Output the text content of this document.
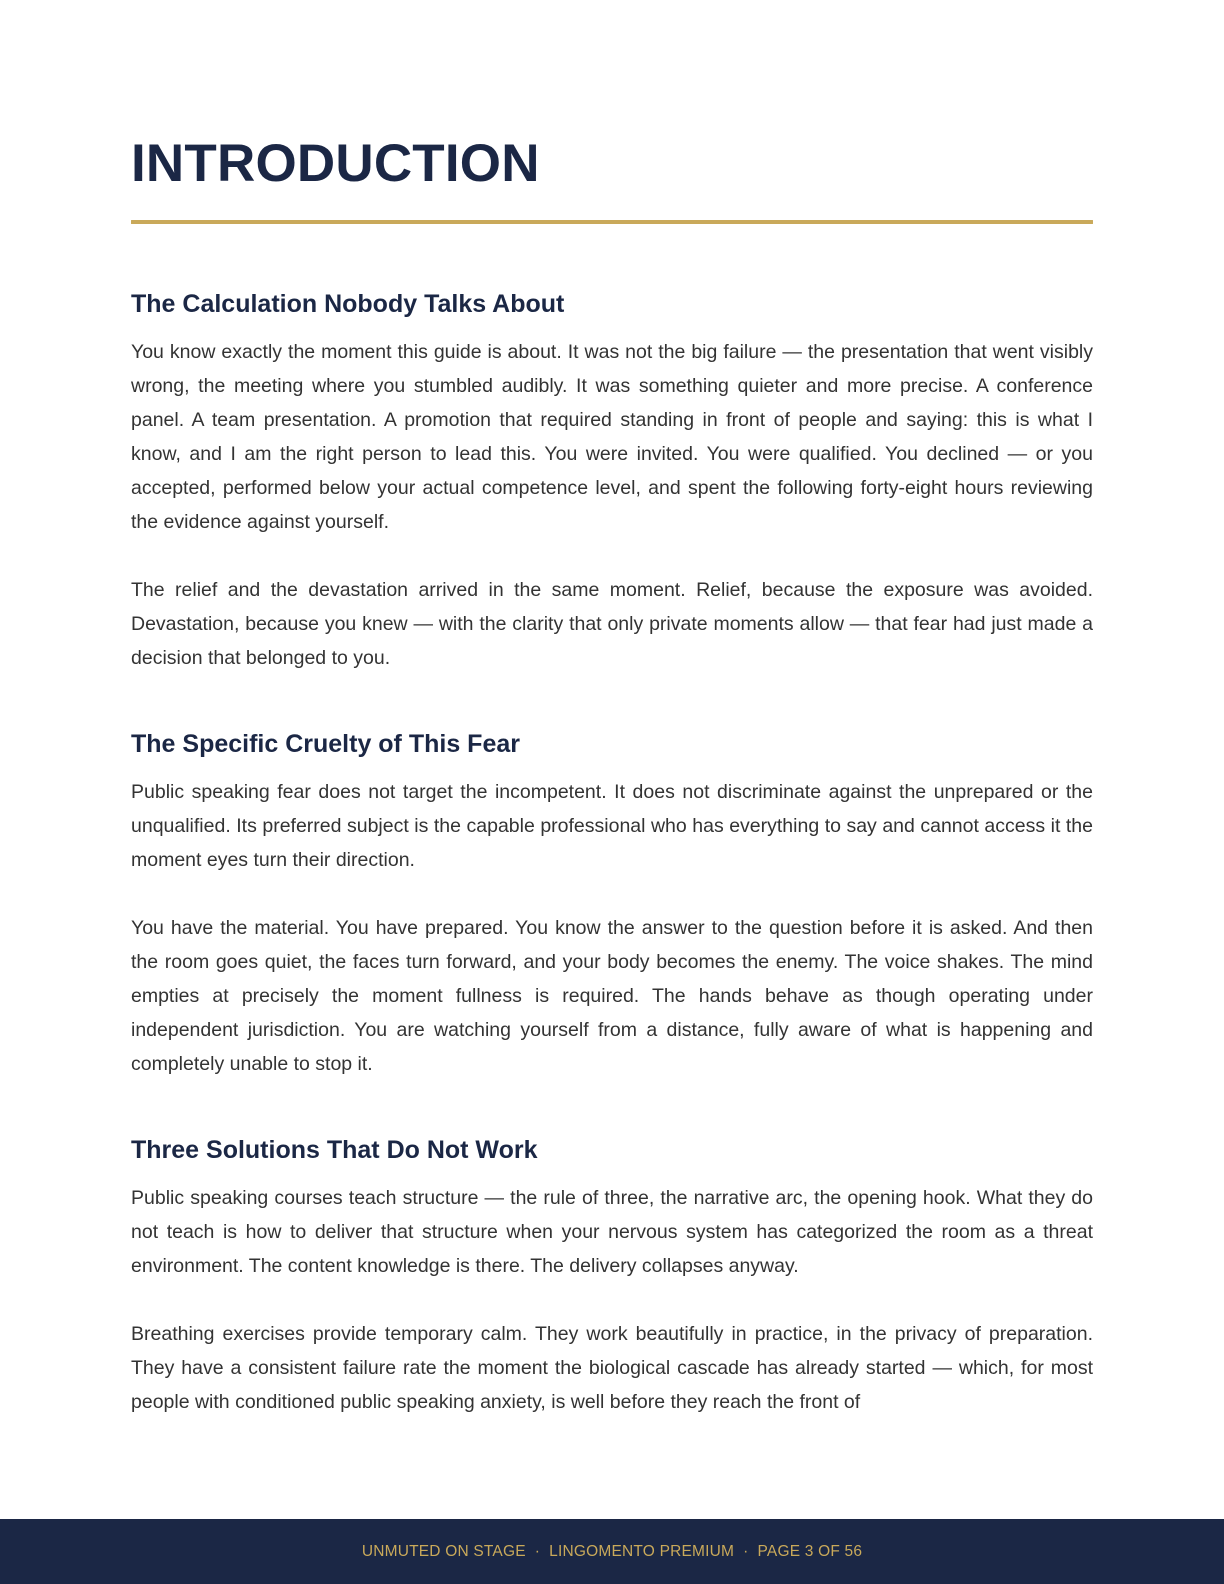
INTRODUCTION
The Calculation Nobody Talks About

You know exactly the moment this guide is about. It was not the big failure — the presentation that went visibly wrong, the meeting where you stumbled audibly. It was something quieter and more precise. A conference panel. A team presentation. A promotion that required standing in front of people and saying: this is what I know, and I am the right person to lead this. You were invited. You were qualified. You declined — or you accepted, performed below your actual competence level, and spent the following forty-eight hours reviewing the evidence against yourself.

The relief and the devastation arrived in the same moment. Relief, because the exposure was avoided. Devastation, because you knew — with the clarity that only private moments allow — that fear had just made a decision that belonged to you.

The Specific Cruelty of This Fear

Public speaking fear does not target the incompetent. It does not discriminate against the unprepared or the unqualified. Its preferred subject is the capable professional who has everything to say and cannot access it the moment eyes turn their direction.

You have the material. You have prepared. You know the answer to the question before it is asked. And then the room goes quiet, the faces turn forward, and your body becomes the enemy. The voice shakes. The mind empties at precisely the moment fullness is required. The hands behave as though operating under independent jurisdiction. You are watching yourself from a distance, fully aware of what is happening and completely unable to stop it.

Three Solutions That Do Not Work

Public speaking courses teach structure — the rule of three, the narrative arc, the opening hook. What they do not teach is how to deliver that structure when your nervous system has categorized the room as a threat environment. The content knowledge is there. The delivery collapses anyway.

Breathing exercises provide temporary calm. They work beautifully in practice, in the privacy of preparation. They have a consistent failure rate the moment the biological cascade has already started — which, for most people with conditioned public speaking anxiety, is well before they reach the front of

UNMUTED ON STAGE · LINGOMENTO PREMIUM · PAGE 3 OF 56
